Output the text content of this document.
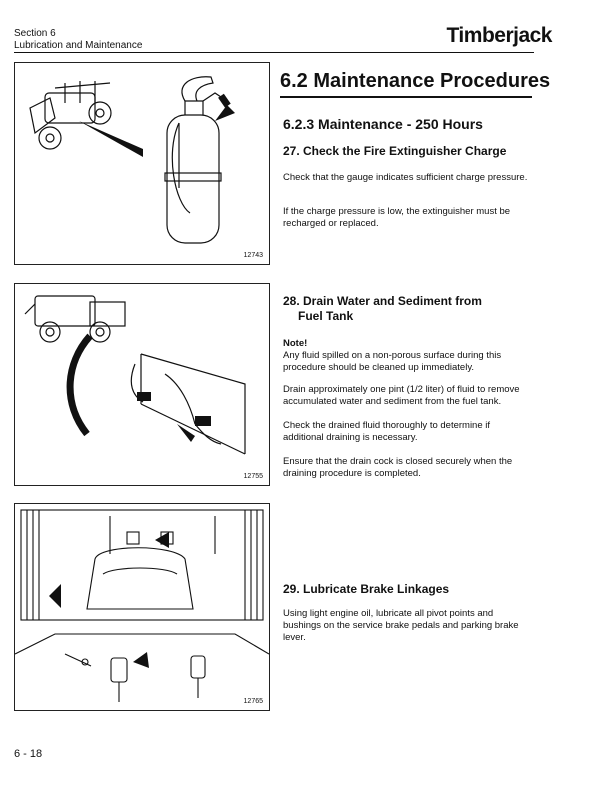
Section 6
Lubrication and Maintenance	Timberjack
12743
12755
12765
6.2 Maintenance Procedures
6.2.3 Maintenance - 250 Hours
27. Check the Fire Extinguisher Charge

Check that the gauge indicates sufficient charge pressure.

If the charge pressure is low, the extinguisher must be recharged or replaced.

28. Drain Water and Sediment from
Fuel Tank
Note!

Any fluid spilled on a non-porous surface during this procedure should be cleaned up immediately.

Drain approximately one pint (1/2 liter) of fluid to remove accumulated water and sediment from the fuel tank.

Check the drained fluid thoroughly to determine if additional draining is necessary.

Ensure that the drain cock is closed securely when the draining procedure is completed.

29. Lubricate Brake Linkages

Using light engine oil, lubricate all pivot points and bushings on the service brake pedals and parking brake lever.

6 - 18
